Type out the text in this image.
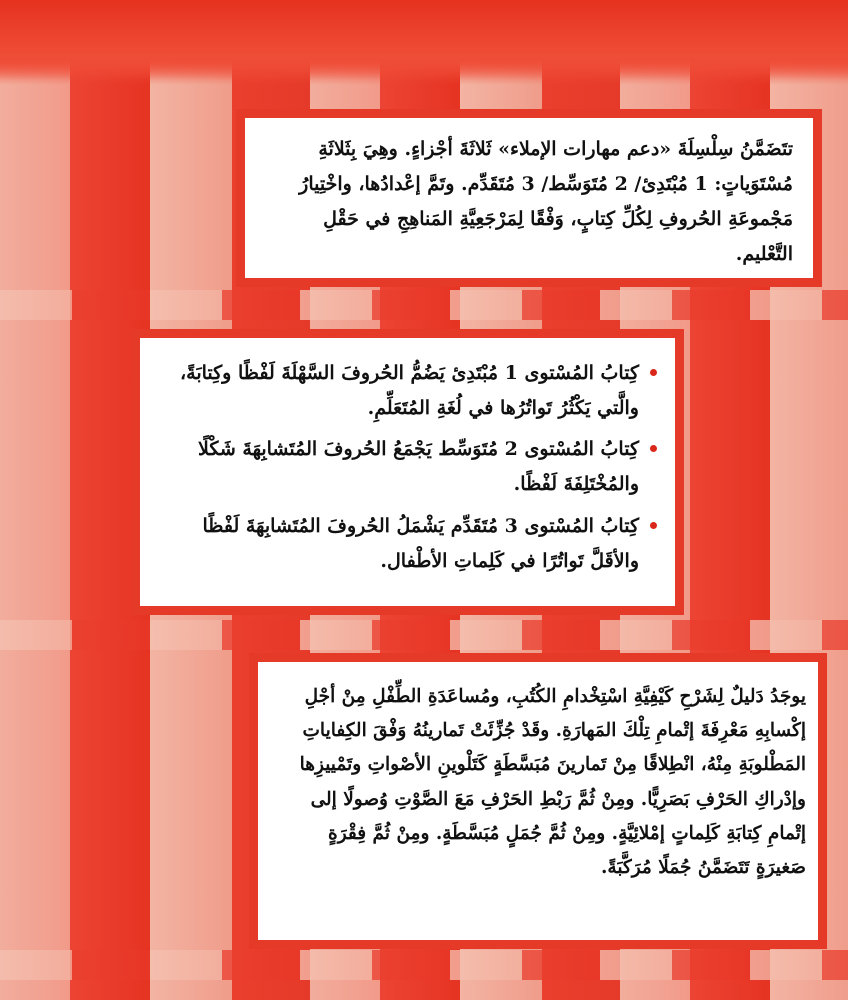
تتَضَمَّنُ سِلْسِلَةَ «دعم مهارات الإملاء» ثَلاثَةَ أجْزاءٍ. وهِيَ بِثَلاثَةِ مُسْتَوَياتٍ: 1 مُبْتَدِئ/ 2 مُتَوَسِّط/ 3 مُتَقَدِّم. وتَمَّ إعْدادُها، واخْتِيارُ مَجْموعَةِ الحُروفِ لِكُلِّ كِتابٍ، وَفْقًا لِمَرْجَعِيَّةِ المَناهِجِ في حَقْلِ التَّعْليم.

كِتابُ المُسْتوى 1 مُبْتَدِئ يَضُمُّ الحُروفَ السَّهْلَةَ لَفْظًا وكِتابَةً، والَّتي يَكْثُرُ تَواتُرُها في لُغَةِ المُتَعَلِّمِ.
كِتابُ المُسْتوى 2 مُتَوَسِّط يَجْمَعُ الحُروفَ المُتَشابِهَةَ شَكْلًا والمُخْتَلِفَةَ لَفْظًا.
كِتابُ المُسْتوى 3 مُتَقَدِّم يَشْمَلُ الحُروفَ المُتَشابِهَةَ لَفْظًا والأقَلَّ تَواتُرًا في كَلِماتِ الأطْفال.

يوجَدُ دَليلٌ لِشَرْحِ كَيْفِيَّةِ اسْتِخْدامِ الكُتُبِ، ومُساعَدَةِ الطِّفْلِ مِنْ أجْلِ إكْسابِهِ مَعْرِفَةَ إتْمامِ تِلْكَ المَهارَةِ. وقَدْ جُزِّئَتْ تَمارينُهُ وَفْقَ الكِفاياتِ المَطْلوبَةِ مِنْهُ، انْطِلاقًا مِنْ تَمارينَ مُبَسَّطَةٍ كَتَلْوينِ الأصْواتِ وتَمْييزِها وإدْراكِ الحَرْفِ بَصَرِيًّا. ومِنْ ثُمَّ رَبْطِ الحَرْفِ مَعَ الصَّوْتِ وُصولًا إلى إتْمامِ كِتابَةِ كَلِماتٍ إمْلائِيَّةٍ. ومِنْ ثُمَّ جُمَلٍ مُبَسَّطَةٍ. ومِنْ ثُمَّ فِقْرَةٍ صَغيرَةٍ تَتَضَمَّنُ جُمَلًا مُرَكَّبَةً.
